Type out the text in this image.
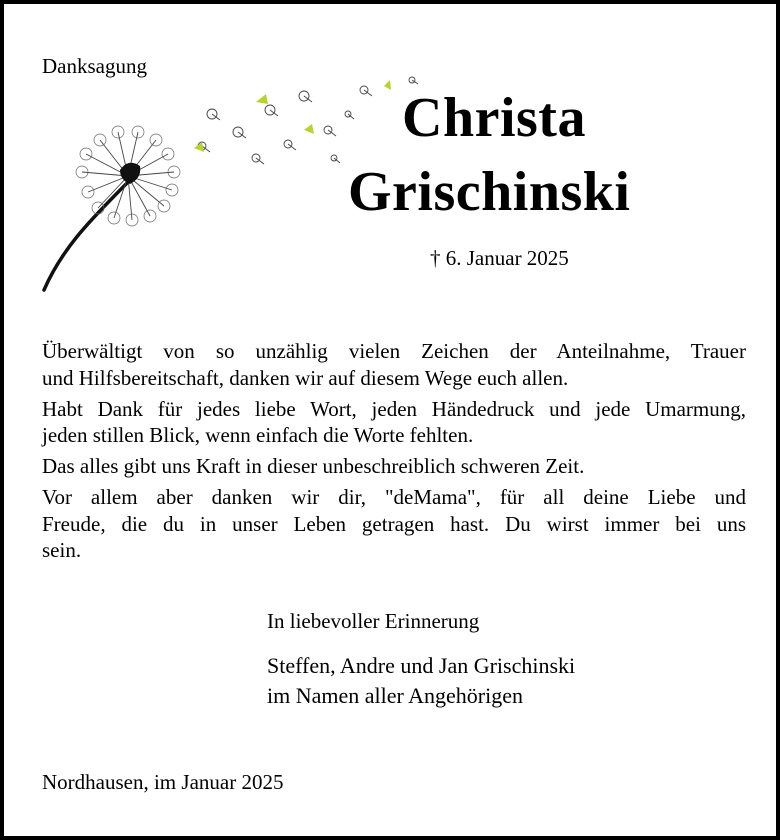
Danksagung
Christa
Grischinski
† 6. Januar 2025

Überwältigt von so unzählig vielen Zeichen der Anteilnahme, Trauer
und Hilfsbereitschaft, danken wir auf diesem Wege euch allen.

Habt Dank für jedes liebe Wort, jeden Händedruck und jede Umarmung,
jeden stillen Blick, wenn einfach die Worte fehlten.

Das alles gibt uns Kraft in dieser unbeschreiblich schweren Zeit.

Vor allem aber danken wir dir, "deMama", für all deine Liebe und
Freude, die du in unser Leben getragen hast. Du wirst immer bei uns
sein.

In liebevoller Erinnerung
Steffen, Andre und Jan Grischinski
im Namen aller Angehörigen
Nordhausen, im Januar 2025
